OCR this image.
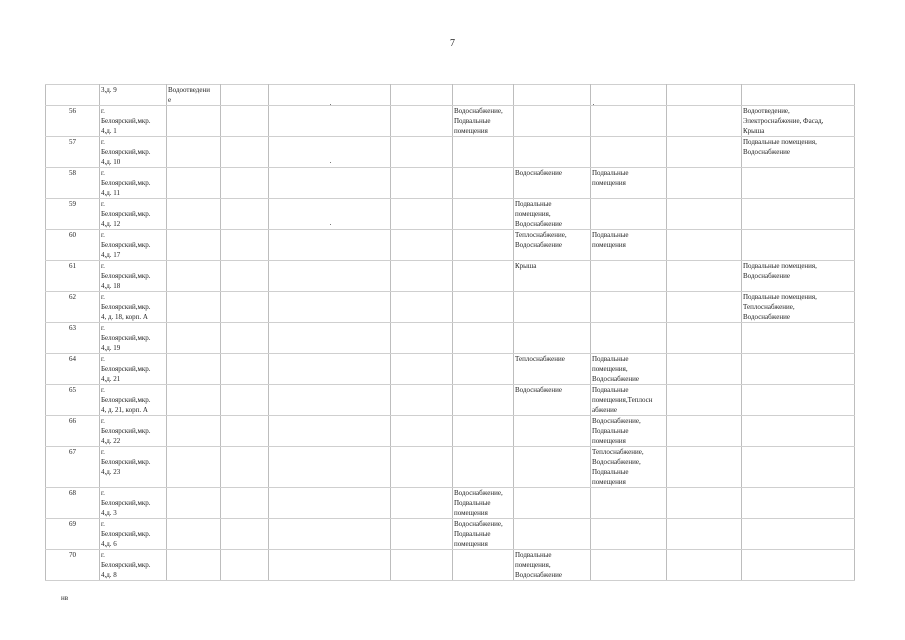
7

	3,д. 9	Водоотведени
е								

56	г.
Белоярский,мкр.
4,д. 1					Водоснабжение,
Подвальные
помещения				Водоотведение,
Электроснабжение, Фасад,
Крыша

57	г.
Белоярский,мкр.
4,д. 10									Подвальные помещения,
Водоснабжение

58	г.
Белоярский,мкр.
4,д. 11						Водоснабжение	Подвальные
помещения		

59	г.
Белоярский,мкр.
4,д. 12						Подвальные
помещения,
Водоснабжение			

60	г.
Белоярский,мкр.
4,д. 17						Теплоснабжение,
Водоснабжение	Подвальные
помещения		

61	г.
Белоярский,мкр.
4,д. 18						Крыша			Подвальные помещения,
Водоснабжение

62	г.
Белоярский,мкр.
4, д. 18, корп. А									Подвальные помещения,
Теплоснабжение,
Водоснабжение

63	г.
Белоярский,мкр.
4,д. 19									

64	г.
Белоярский,мкр.
4,д. 21						Теплоснабжение	Подвальные
помещения,
Водоснабжение		

65	г.
Белоярский,мкр.
4, д. 21, корп. А						Водоснабжение	Подвальные
помещения,Теплосн
абжение		

66	г.
Белоярский,мкр.
4,д. 22							Водоснабжение,
Подвальные
помещения		

67	г.
Белоярский,мкр.
4,д. 23							Теплоснабжение,
Водоснабжение,
Подвальные
помещения		

68	г.
Белоярский,мкр.
4,д. 3					Водоснабжение,
Подвальные
помещения				

69	г.
Белоярский,мкр.
4,д. 6					Водоснабжение,
Подвальные
помещения				

70	г.
Белоярский,мкр.
4,д. 8						Подвальные
помещения,
Водоснабжение			

нв
